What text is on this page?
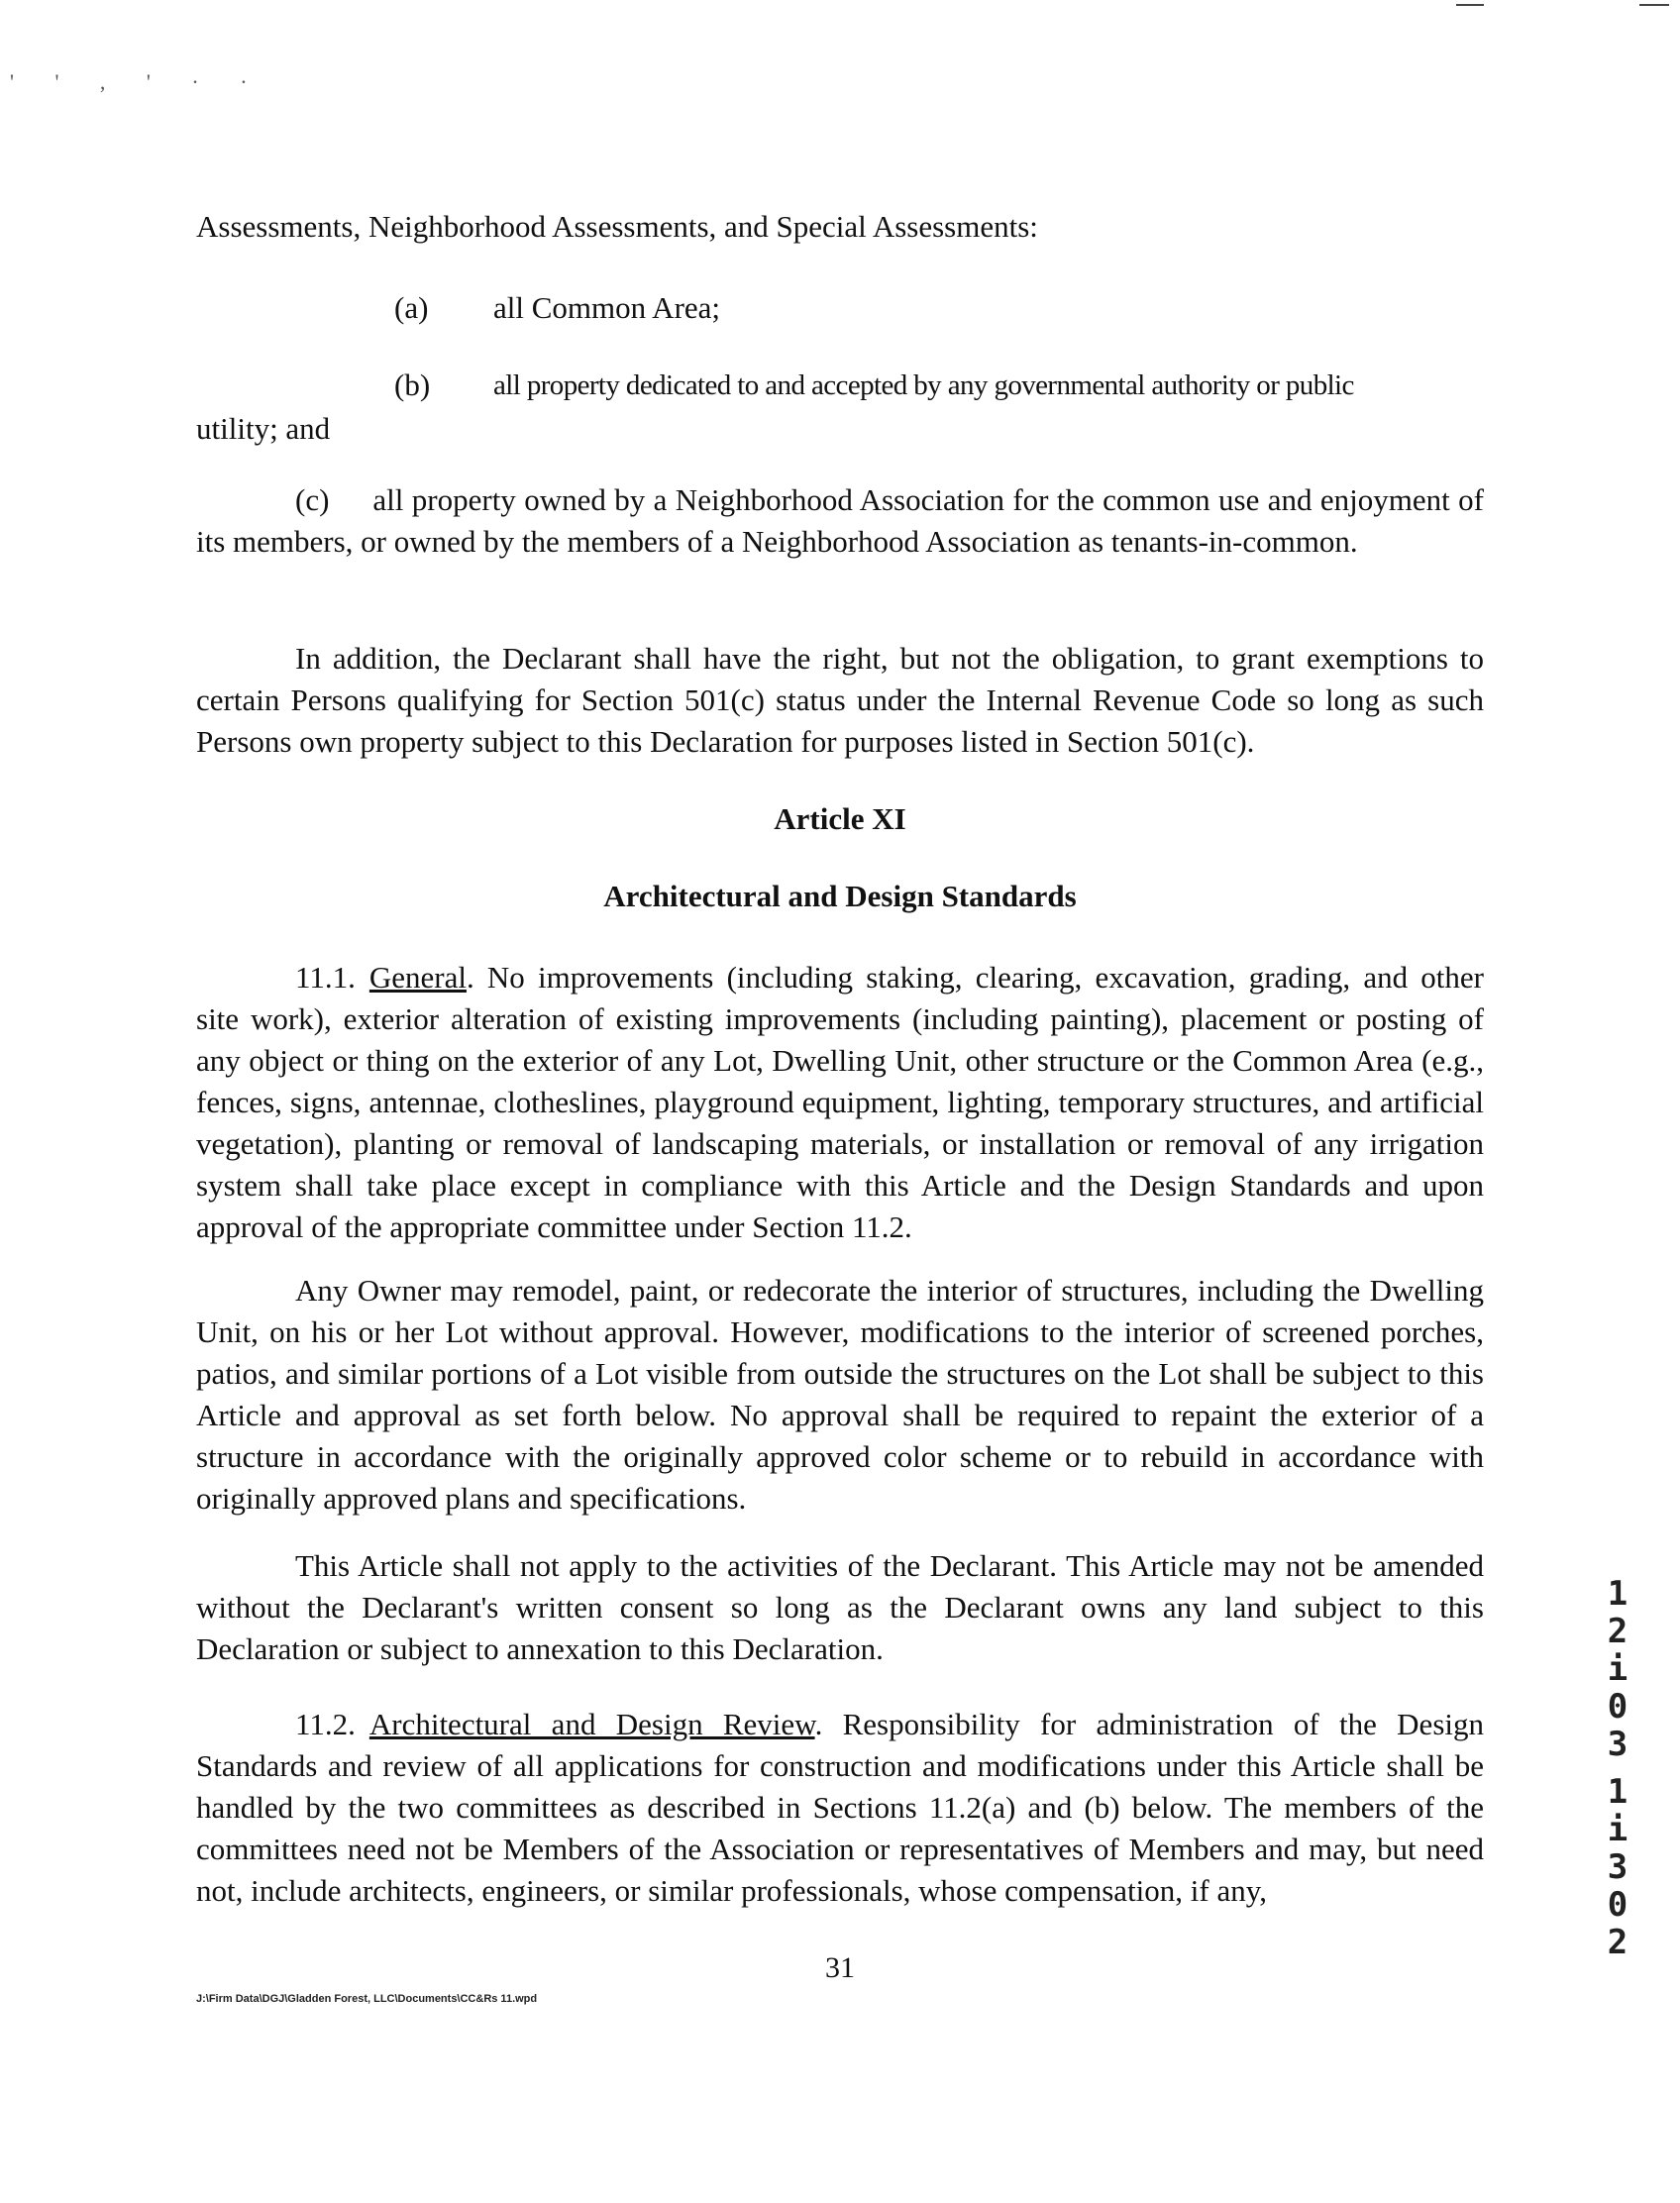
' ' , ' · ·

Assessments, Neighborhood Assessments, and Special Assessments:

(a) all Common Area;
(b) all property dedicated to and accepted by any governmental authority or public
utility; and

(c) all property owned by a Neighborhood Association for the common use and enjoyment of its members, or owned by the members of a Neighborhood Association as tenants-in-common.

In addition, the Declarant shall have the right, but not the obligation, to grant exemptions to certain Persons qualifying for Section 501(c) status under the Internal Revenue Code so long as such Persons own property subject to this Declaration for purposes listed in Section 501(c).

Article XI
Architectural and Design Standards

11.1. General. No improvements (including staking, clearing, excavation, grading, and other site work), exterior alteration of existing improvements (including painting), placement or posting of any object or thing on the exterior of any Lot, Dwelling Unit, other structure or the Common Area (e.g., fences, signs, antennae, clotheslines, playground equipment, lighting, temporary structures, and artificial vegetation), planting or removal of landscaping materials, or installation or removal of any irrigation system shall take place except in compliance with this Article and the Design Standards and upon approval of the appropriate committee under Section 11.2.

Any Owner may remodel, paint, or redecorate the interior of structures, including the Dwelling Unit, on his or her Lot without approval. However, modifications to the interior of screened porches, patios, and similar portions of a Lot visible from outside the structures on the Lot shall be subject to this Article and approval as set forth below. No approval shall be required to repaint the exterior of a structure in accordance with the originally approved color scheme or to rebuild in accordance with originally approved plans and specifications.

This Article shall not apply to the activities of the Declarant. This Article may not be amended without the Declarant's written consent so long as the Declarant owns any land subject to this Declaration or subject to annexation to this Declaration.

11.2. Architectural and Design Review. Responsibility for administration of the Design Standards and review of all applications for construction and modifications under this Article shall be handled by the two committees as described in Sections 11.2(a) and (b) below. The members of the committees need not be Members of the Association or representatives of Members and may, but need not, include architects, engineers, or similar professionals, whose compensation, if any,

31
J:\Firm Data\DGJ\Gladden Forest, LLC\Documents\CC&Rs 11.wpd
1
2
i
0
3
1
i
3
0
2
